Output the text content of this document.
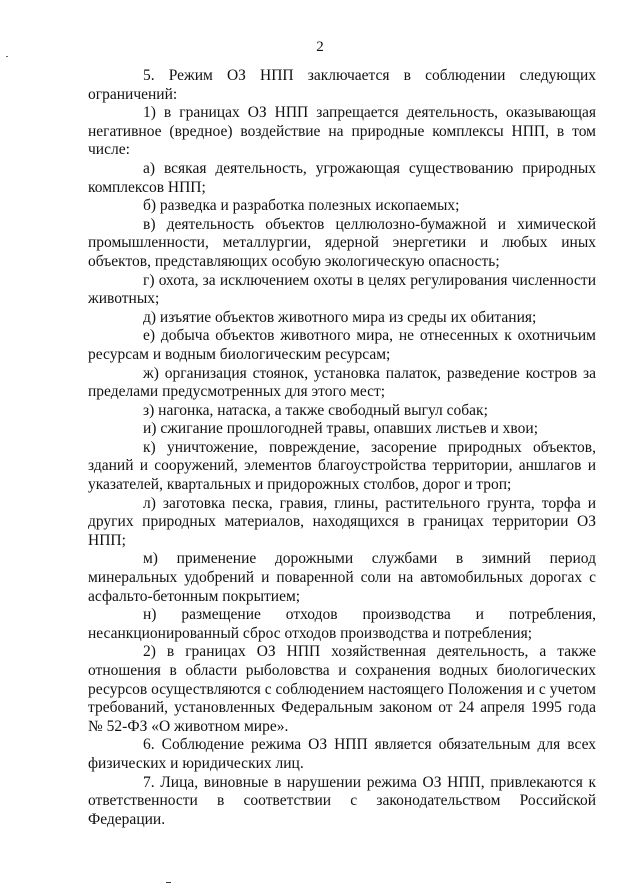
2

5. Режим ОЗ НПП заключается в соблюдении следующих ограничений:

1) в границах ОЗ НПП запрещается деятельность, оказывающая негативное (вредное) воздействие на природные комплексы НПП, в том числе:

а) всякая деятельность, угрожающая существованию природных комплексов НПП;

б) разведка и разработка полезных ископаемых;

в) деятельность объектов целлюлозно-бумажной и химической промышленности, металлургии, ядерной энергетики и любых иных объектов, представляющих особую экологическую опасность;

г) охота, за исключением охоты в целях регулирования численности животных;

д) изъятие объектов животного мира из среды их обитания;

е) добыча объектов животного мира, не отнесенных к охотничьим ресурсам и водным биологическим ресурсам;

ж) организация стоянок, установка палаток, разведение костров за пределами предусмотренных для этого мест;

з) нагонка, натаска, а также свободный выгул собак;

и) сжигание прошлогодней травы, опавших листьев и хвои;

к) уничтожение, повреждение, засорение природных объектов, зданий и сооружений, элементов благоустройства территории, аншлагов и указателей, квартальных и придорожных столбов, дорог и троп;

л) заготовка песка, гравия, глины, растительного грунта, торфа и других природных материалов, находящихся в границах территории ОЗ НПП;

м) применение дорожными службами в зимний период минеральных удобрений и поваренной соли на автомобильных дорогах с асфальто-бетонным покрытием;

н) размещение отходов производства и потребления, несанкционированный сброс отходов производства и потребления;

2) в границах ОЗ НПП хозяйственная деятельность, а также отношения в области рыболовства и сохранения водных биологических ресурсов осуществляются с соблюдением настоящего Положения и с учетом требований, установленных Федеральным законом от 24 апреля 1995 года № 52-ФЗ «О животном мире».

6. Соблюдение режима ОЗ НПП является обязательным для всех физических и юридических лиц.

7. Лица, виновные в нарушении режима ОЗ НПП, привлекаются к ответственности в соответствии с законодательством Российской Федерации.
